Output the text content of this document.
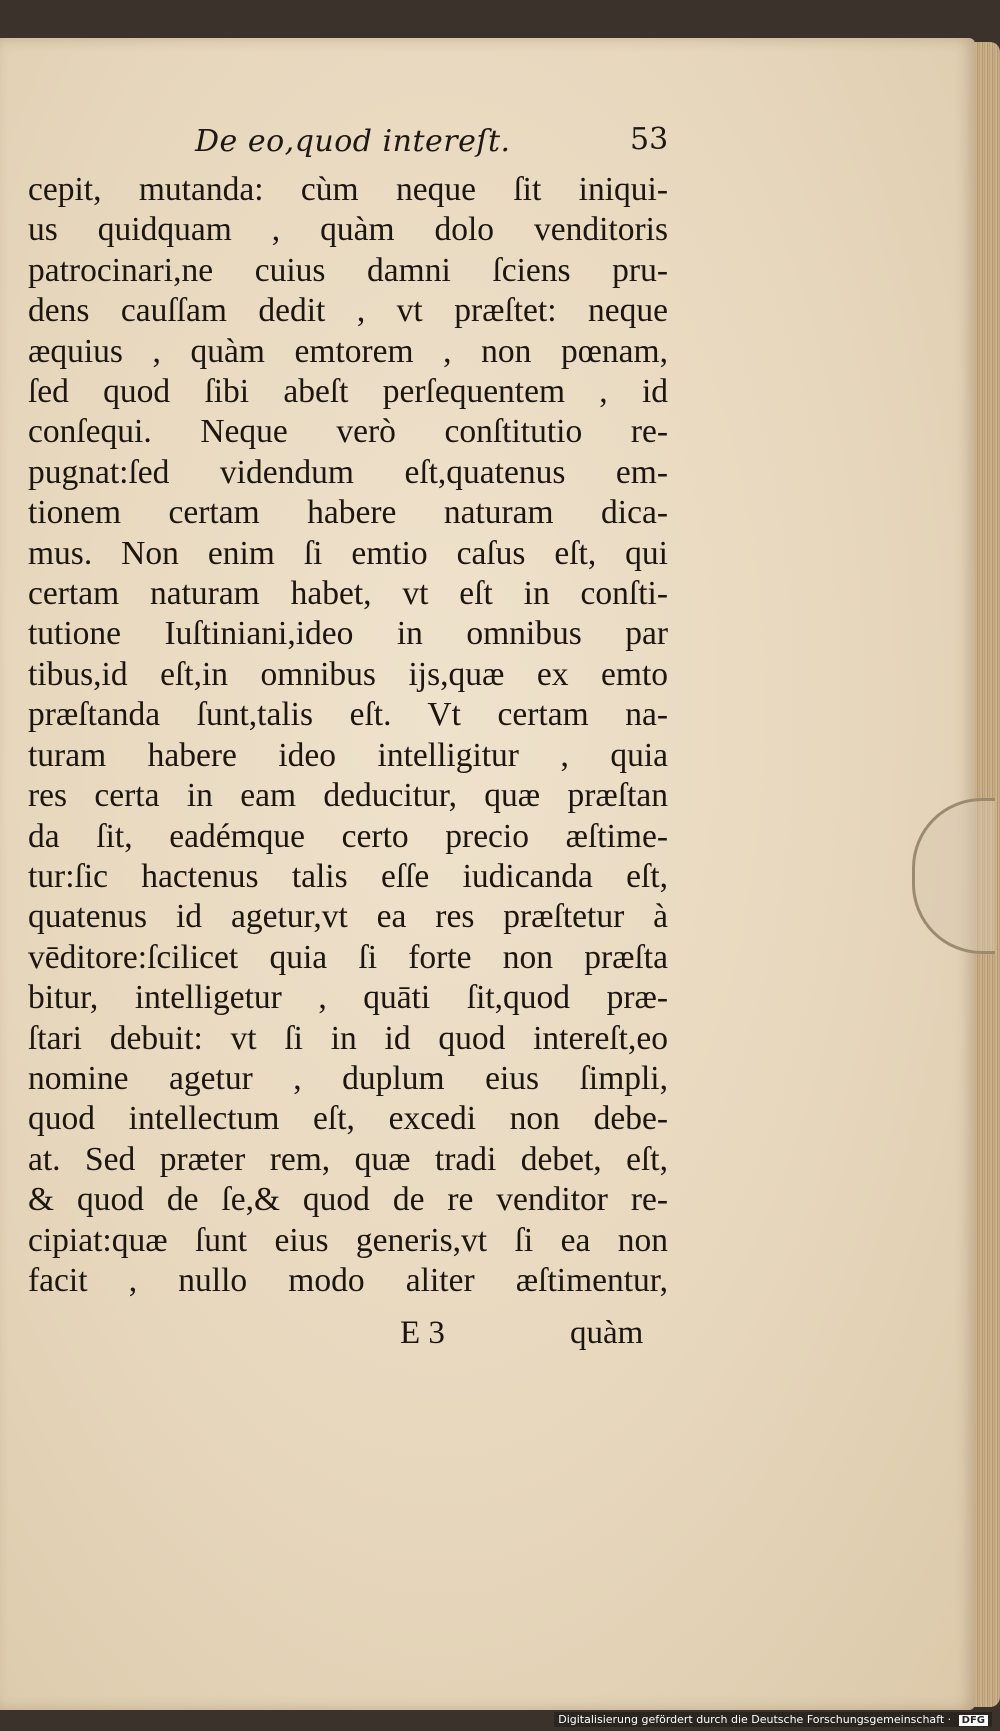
De eo,quod intereſt.	53
cepit, mutanda: cùm neque ſit iniqui-
us quidquam , quàm dolo venditoris
patrocinari,ne cuius damni ſciens pru-
dens cauſſam dedit , vt præſtet: neque
æquius , quàm emtorem , non pœnam,
ſed quod ſibi abeſt perſequentem , id
conſequi. Neque verò conſtitutio re-
pugnat:ſed videndum eſt,quatenus em-
tionem certam habere naturam dica-
mus. Non enim ſi emtio caſus eſt, qui
certam naturam habet, vt eſt in conſti-
tutione Iuſtiniani,ideo in omnibus par
tibus,id eſt,in omnibus ijs,quæ ex emto
præſtanda ſunt,talis eſt. Vt certam na-
turam habere ideo intelligitur , quia
res certa in eam deducitur, quæ præſtan
da ſit, eadémque certo precio æſtime-
tur:ſic hactenus talis eſſe iudicanda eſt,
quatenus id agetur,vt ea res præſtetur à
vēditore:ſcilicet quia ſi forte non præſta
bitur, intelligetur , quāti ſit,quod præ-
ſtari debuit: vt ſi in id quod intereſt,eo
nomine agetur , duplum eius ſimpli,
quod intellectum eſt, excedi non debe-
at. Sed præter rem, quæ tradi debet, eſt,
& quod de ſe,& quod de re venditor re-
cipiat:quæ ſunt eius generis,vt ſi ea non
facit , nullo modo aliter æſtimentur,
E 3	quàm
Digitalisierung gefördert durch die Deutsche Forschungsgemeinschaft · DFG
